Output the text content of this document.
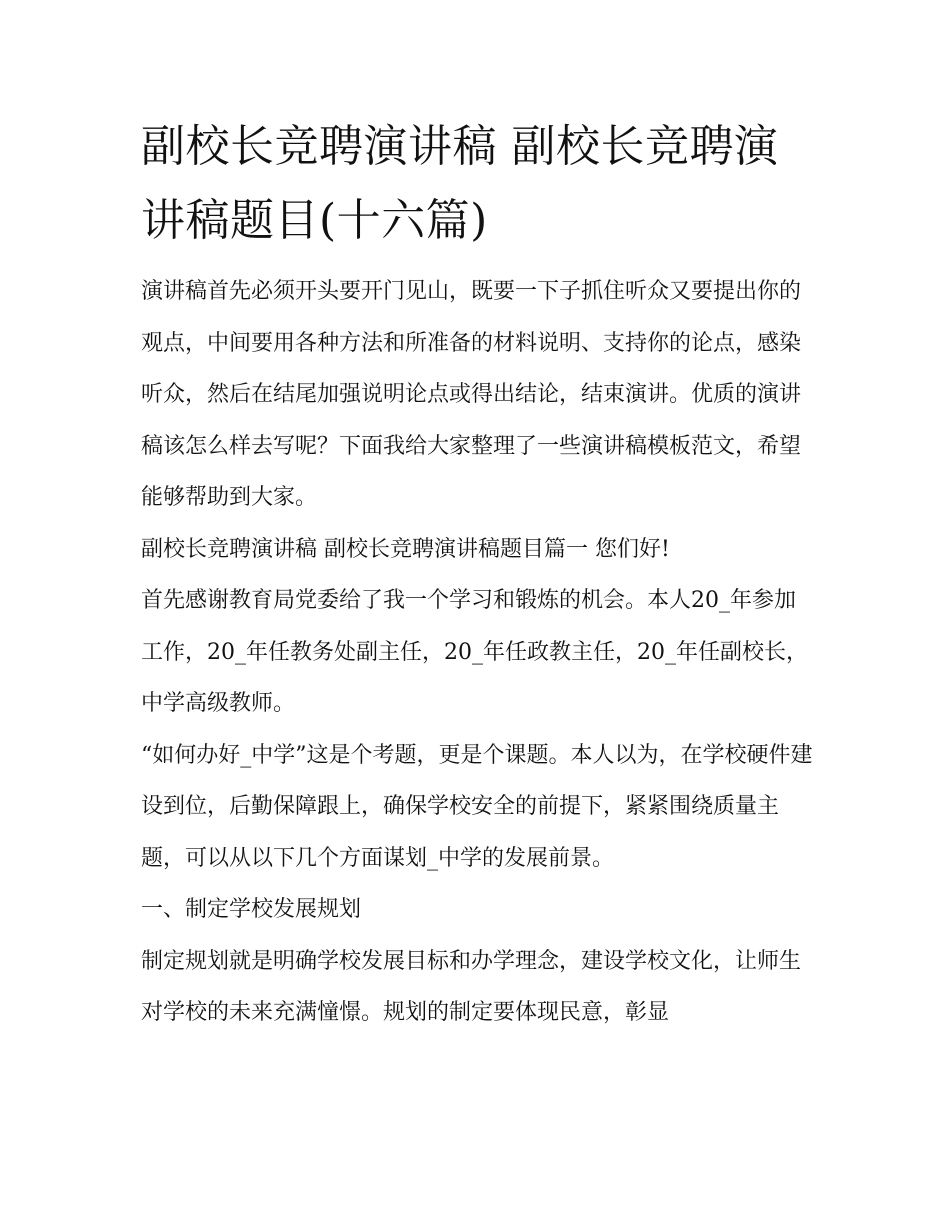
副校长竞聘演讲稿 副校长竞聘演讲稿题目(十六篇)

演讲稿首先必须开头要开门见山，既要一下子抓住听众又要提出你的观点，中间要用各种方法和所准备的材料说明、支持你的论点，感染听众，然后在结尾加强说明论点或得出结论，结束演讲。优质的演讲稿该怎么样去写呢？下面我给大家整理了一些演讲稿模板范文，希望能够帮助到大家。

副校长竞聘演讲稿 副校长竞聘演讲稿题目篇一 您们好!

首先感谢教育局党委给了我一个学习和锻炼的机会。本人20_年参加工作，20_年任教务处副主任，20_年任政教主任，20_年任副校长，中学高级教师。

“如何办好_中学”这是个考题，更是个课题。本人以为，在学校硬件建设到位，后勤保障跟上，确保学校安全的前提下，紧紧围绕质量主题，可以从以下几个方面谋划_中学的发展前景。

一、制定学校发展规划

制定规划就是明确学校发展目标和办学理念，建设学校文化，让师生对学校的未来充满憧憬。规划的制定要体现民意，彰显
